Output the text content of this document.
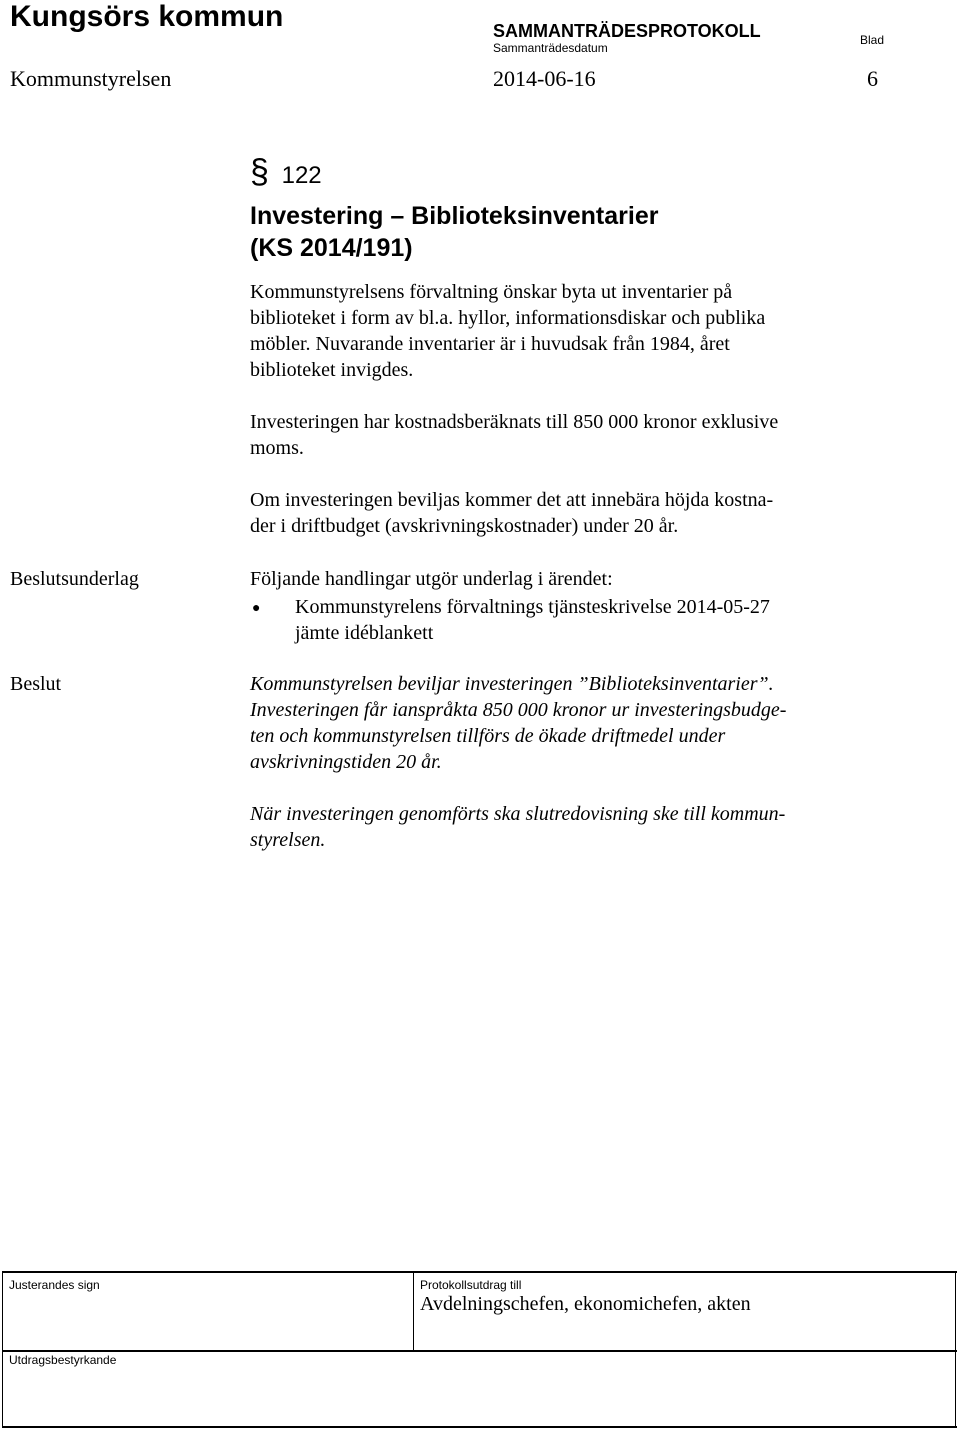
Kungsörs kommun	SAMMANTRÄDESPROTOKOLL
Sammanträdesdatum
Blad
Kommunstyrelsen	2014-06-16	6
§ 122
Investering – Biblioteksinventarier
(KS 2014/191)
Kommunstyrelsens förvaltning önskar byta ut inventarier på
biblioteket i form av bl.a. hyllor, informationsdiskar och publika
möbler. Nuvarande inventarier är i huvudsak från 1984, året
biblioteket invigdes.
Investeringen har kostnadsberäknats till 850 000 kronor exklusive
moms.
Om investeringen beviljas kommer det att innebära höjda kostna-
der i driftbudget (avskrivningskostnader) under 20 år.
Beslutsunderlag	Följande handlingar utgör underlag i ärendet:
● Kommunstyrelens förvaltnings tjänsteskrivelse 2014-05-27
jämte idéblankett
Beslut	Kommunstyrelsen beviljar investeringen ”Biblioteksinventarier”.
Investeringen får ianspråkta 850 000 kronor ur investeringsbudge-
ten och kommunstyrelsen tillförs de ökade driftmedel under
avskrivningstiden 20 år.
När investeringen genomförts ska slutredovisning ske till kommun-
styrelsen.
Justerandes sign	Protokollsutdrag till
Avdelningschefen, ekonomichefen, akten
Utdragsbestyrkande
